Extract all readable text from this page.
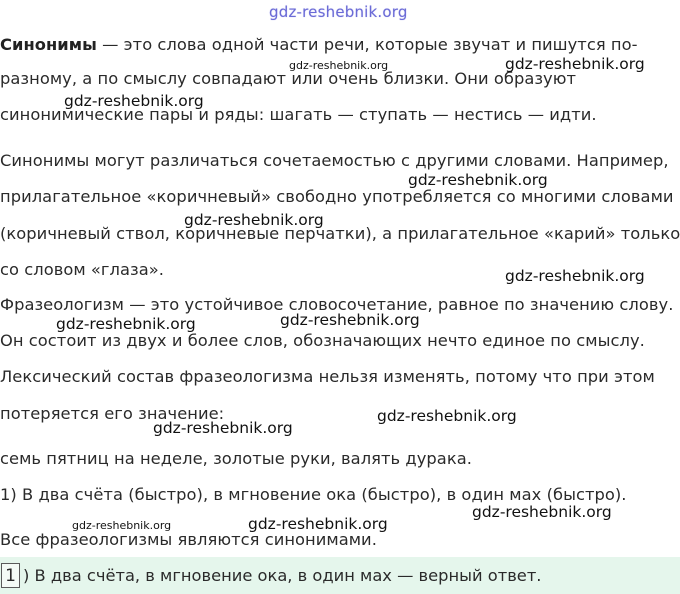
Синонимы — это слова одной части речи, которые звучат и пишутся по-

разному, а по смыслу совпадают или очень близки. Они образуют

синонимические пары и ряды: шагать — ступать — нестись — идти.

Синонимы могут различаться сочетаемостью с другими словами. Например,

прилагательное «коричневый» свободно употребляется со многими словами

(коричневый ствол, коричневые перчатки), а прилагательное «карий» только

со словом «глаза».

Фразеологизм — это устойчивое словосочетание, равное по значению слову.

Он состоит из двух и более слов, обозначающих нечто единое по смыслу.

Лексический состав фразеологизма нельзя изменять, потому что при этом

потеряется его значение:

семь пятниц на неделе, золотые руки, валять дурака.

1) В два счёта (быстро), в мгновение ока (быстро), в один мах (быстро).

Все фразеологизмы являются синонимами.

1 ) В два счёта, в мгновение ока, в один мах — верный ответ.
gdz-reshebnik.org
gdz-reshebnik.org	gdz-reshebnik.org
gdz-reshebnik.org
gdz-reshebnik.org
gdz-reshebnik.org
gdz-reshebnik.org
gdz-reshebnik.org
gdz-reshebnik.org
gdz-reshebnik.org
gdz-reshebnik.org
gdz-reshebnik.org
gdz-reshebnik.org	gdz-reshebnik.org
